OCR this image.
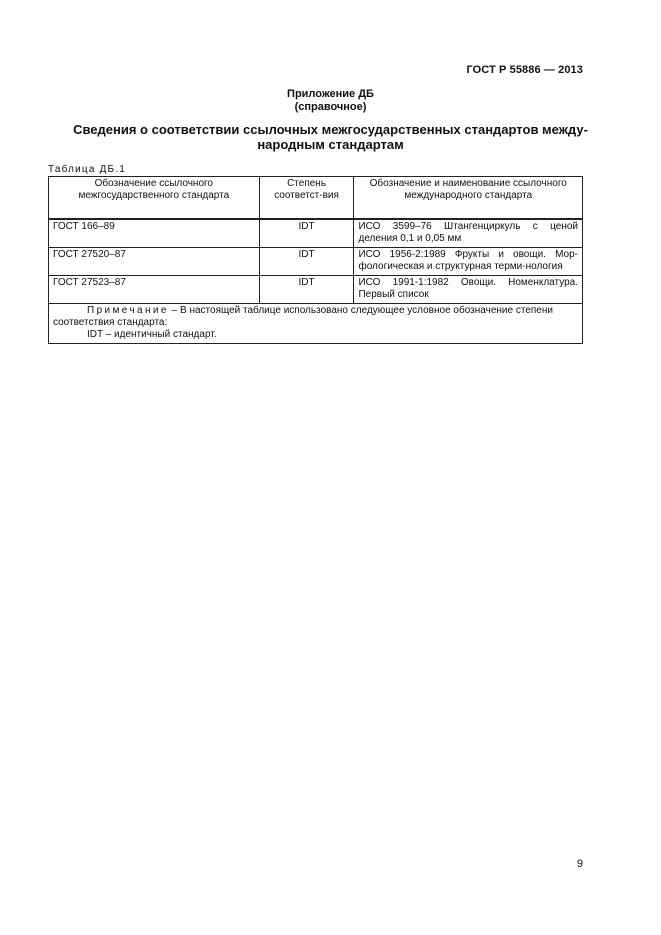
ГОСТ Р 55886 — 2013
Приложение ДБ
(справочное)
Сведения о соответствии ссылочных межгосударственных стандартов между-народным стандартам
Таблица ДБ.1
Обозначение ссылочного межгосударственного стандарта	Степень соответст-вия	Обозначение и наименование ссылочного международного стандарта
ГОСТ 166–89	IDT	ИСО 3599–76 Штангенциркуль с ценой деления 0,1 и 0,05 мм
ГОСТ 27520–87	IDT	ИСО 1956-2:1989 Фрукты и овощи. Мор-фологическая и структурная терми-нология
ГОСТ 27523–87	IDT	ИСО 1991-1:1982 Овощи. Номенклатура. Первый список
Примечание – В настоящей таблице использовано следующее условное обозначение степени соответствия стандарта:
IDT – идентичный стандарт.		
9
